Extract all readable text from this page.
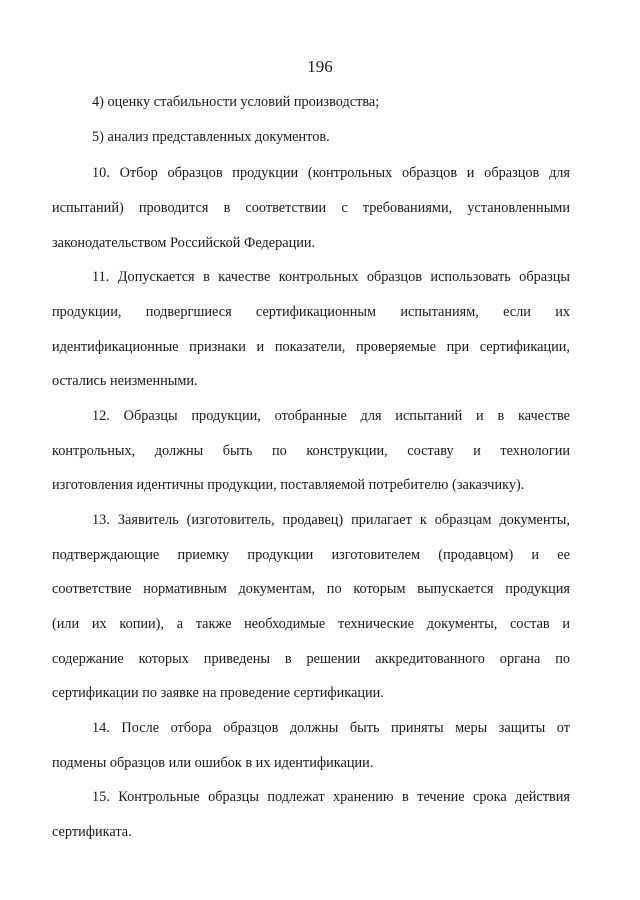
196
4) оценку стабильности условий производства;
5) анализ представленных документов.
10. Отбор образцов продукции (контрольных образцов и образцов для
испытаний) проводится в соответствии с требованиями, установленными
законодательством Российской Федерации.
11. Допускается в качестве контрольных образцов использовать образцы
продукции, подвергшиеся сертификационным испытаниям, если их
идентификационные признаки и показатели, проверяемые при сертификации,
остались неизменными.
12. Образцы продукции, отобранные для испытаний и в качестве
контрольных, должны быть по конструкции, составу и технологии
изготовления идентичны продукции, поставляемой потребителю (заказчику).
13. Заявитель (изготовитель, продавец) прилагает к образцам документы,
подтверждающие приемку продукции изготовителем (продавцом) и ее
соответствие нормативным документам, по которым выпускается продукция
(или их копии), а также необходимые технические документы, состав и
содержание которых приведены в решении аккредитованного органа по
сертификации по заявке на проведение сертификации.
14. После отбора образцов должны быть приняты меры защиты от
подмены образцов или ошибок в их идентификации.
15. Контрольные образцы подлежат хранению в течение срока действия
сертификата.
